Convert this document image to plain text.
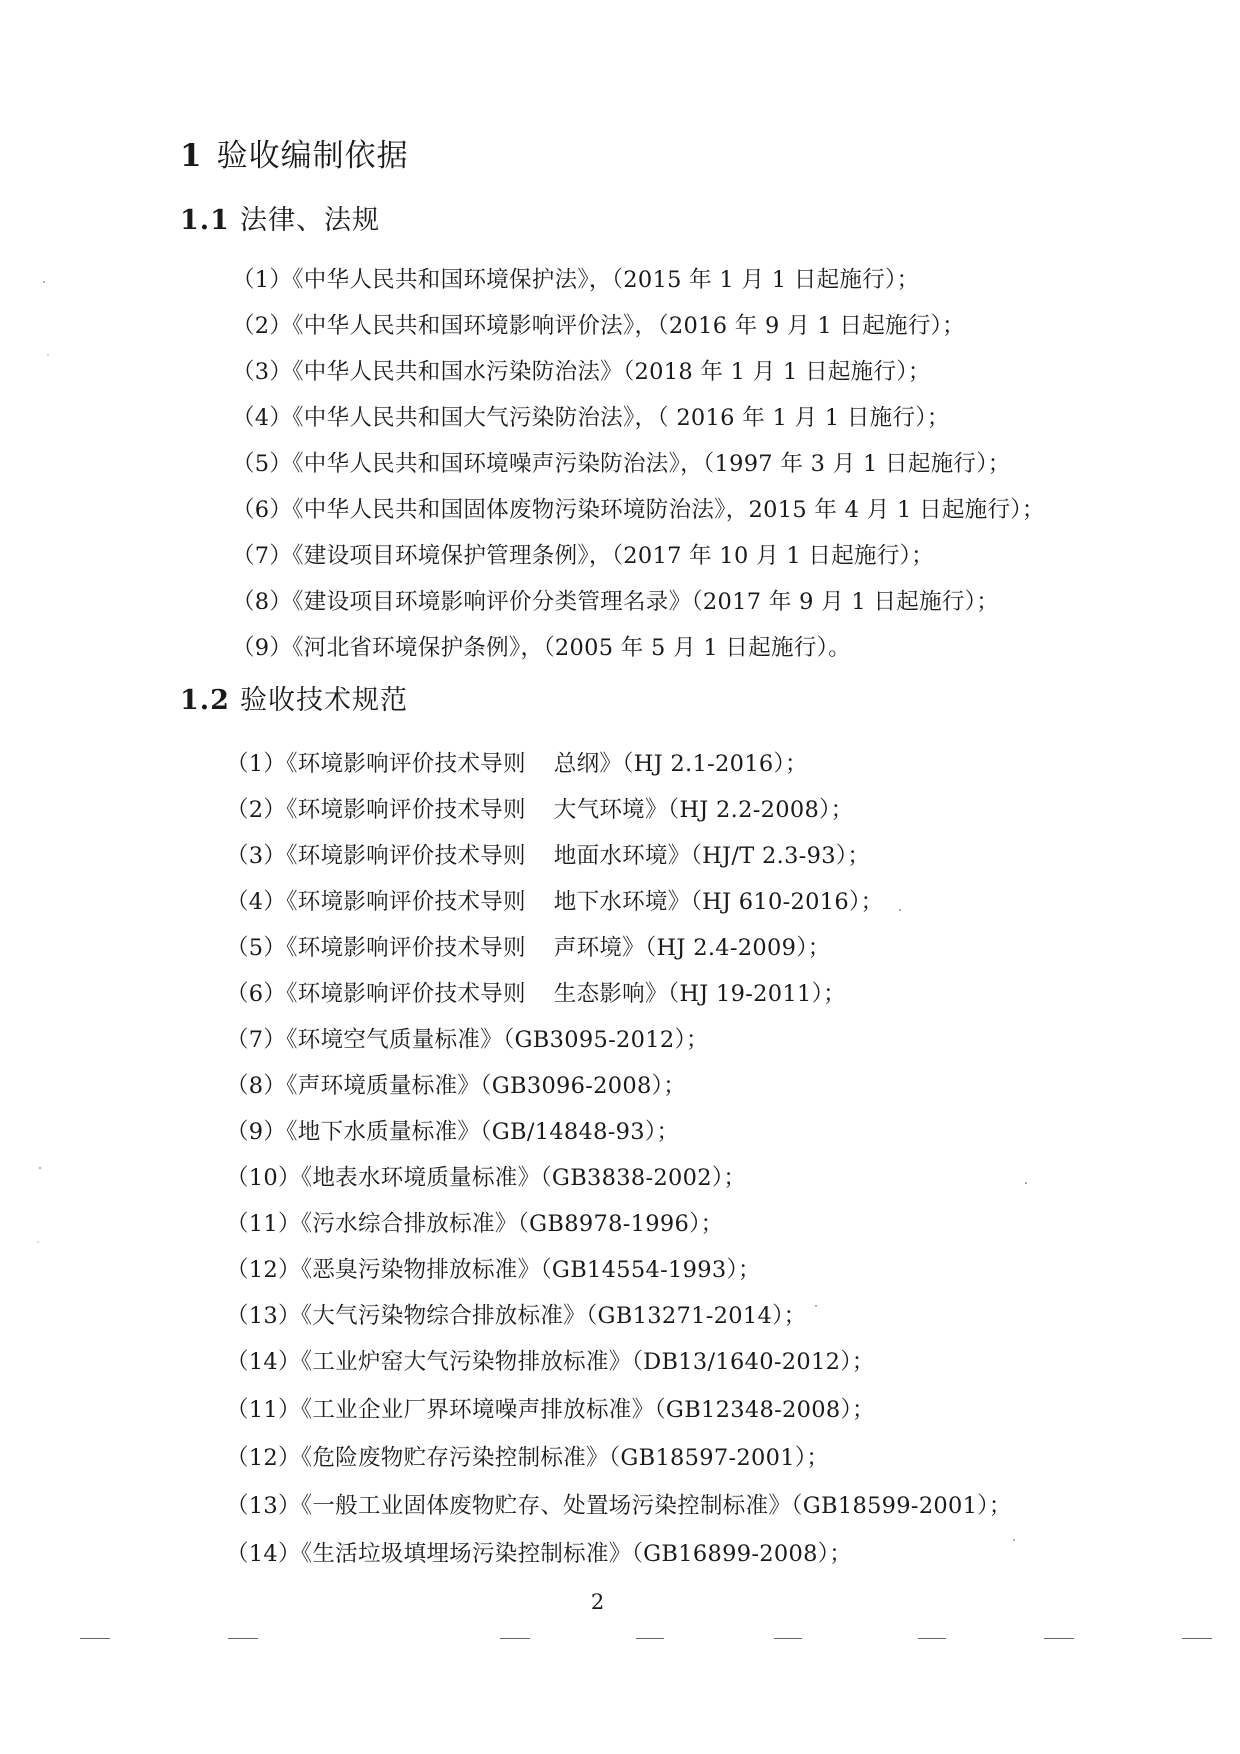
1 验收编制依据
1.1 法律、法规
（1）《中华人民共和国环境保护法》，（2015 年 1 月 1 日起施行）；
（2）《中华人民共和国环境影响评价法》，（2016 年 9 月 1 日起施行）；
（3）《中华人民共和国水污染防治法》（2018 年 1 月 1 日起施行）；
（4）《中华人民共和国大气污染防治法》，（ 2016 年 1 月 1 日施行）；
（5）《中华人民共和国环境噪声污染防治法》，（1997 年 3 月 1 日起施行）；
（6）《中华人民共和国固体废物污染环境防治法》，2015 年 4 月 1 日起施行）；
（7）《建设项目环境保护管理条例》，（2017 年 10 月 1 日起施行）；
（8）《建设项目环境影响评价分类管理名录》（2017 年 9 月 1 日起施行）；
（9）《河北省环境保护条例》，（2005 年 5 月 1 日起施行）。
1.2 验收技术规范
（1）《环境影响评价技术导则 总纲》（HJ 2.1-2016）；
（2）《环境影响评价技术导则 大气环境》（HJ 2.2-2008）；
（3）《环境影响评价技术导则 地面水环境》（HJ/T 2.3-93）；
（4）《环境影响评价技术导则 地下水环境》（HJ 610-2016）；
（5）《环境影响评价技术导则 声环境》（HJ 2.4-2009）；
（6）《环境影响评价技术导则 生态影响》（HJ 19-2011）；
（7）《环境空气质量标准》（GB3095-2012）；
（8）《声环境质量标准》（GB3096-2008）；
（9）《地下水质量标准》（GB/14848-93）；
（10）《地表水环境质量标准》（GB3838-2002）；
（11）《污水综合排放标准》（GB8978-1996）；
（12）《恶臭污染物排放标准》（GB14554-1993）；
（13）《大气污染物综合排放标准》（GB13271-2014）；
（14）《工业炉窑大气污染物排放标准》（DB13/1640-2012）；
（11）《工业企业厂界环境噪声排放标准》（GB12348-2008）；
（12）《危险废物贮存污染控制标准》（GB18597-2001）；
（13）《一般工业固体废物贮存、处置场污染控制标准》（GB18599-2001）；
（14）《生活垃圾填埋场污染控制标准》（GB16899-2008）；
2
